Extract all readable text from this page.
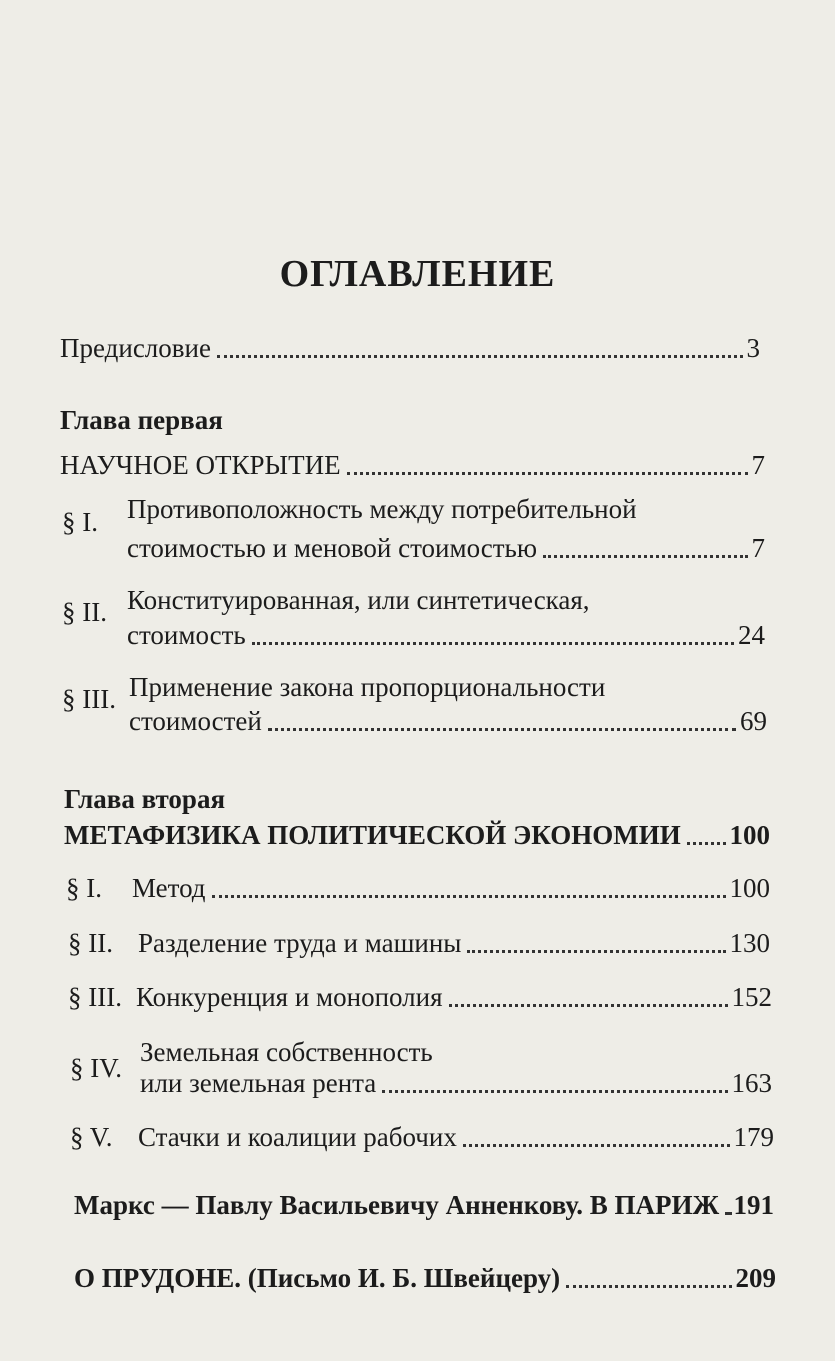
ОГЛАВЛЕНИЕ
Предисловие	3
Глава первая
НАУЧНОЕ ОТКРЫТИЕ	7
§ I. Противоположность между потребительной
стоимостью и меновой стоимостью	7
§ II. Конституированная, или синтетическая,
стоимость	24
§ III. Применение закона пропорциональности
стоимостей	69
Глава вторая
МЕТАФИЗИКА ПОЛИТИЧЕСКОЙ ЭКОНОМИИ 100
§ I.	Метод	100
§ II. Разделение труда и машины	130
§ III. Конкуренция и монополия	152
§ IV.
Земельная собственность
или земельная рента	163
§ V. Стачки и коалиции рабочих	179
Маркс — Павлу Васильевичу Анненкову. В ПАРИЖ 191
О ПРУДОНЕ. (Письмо И. Б. Швейцеру)	209
